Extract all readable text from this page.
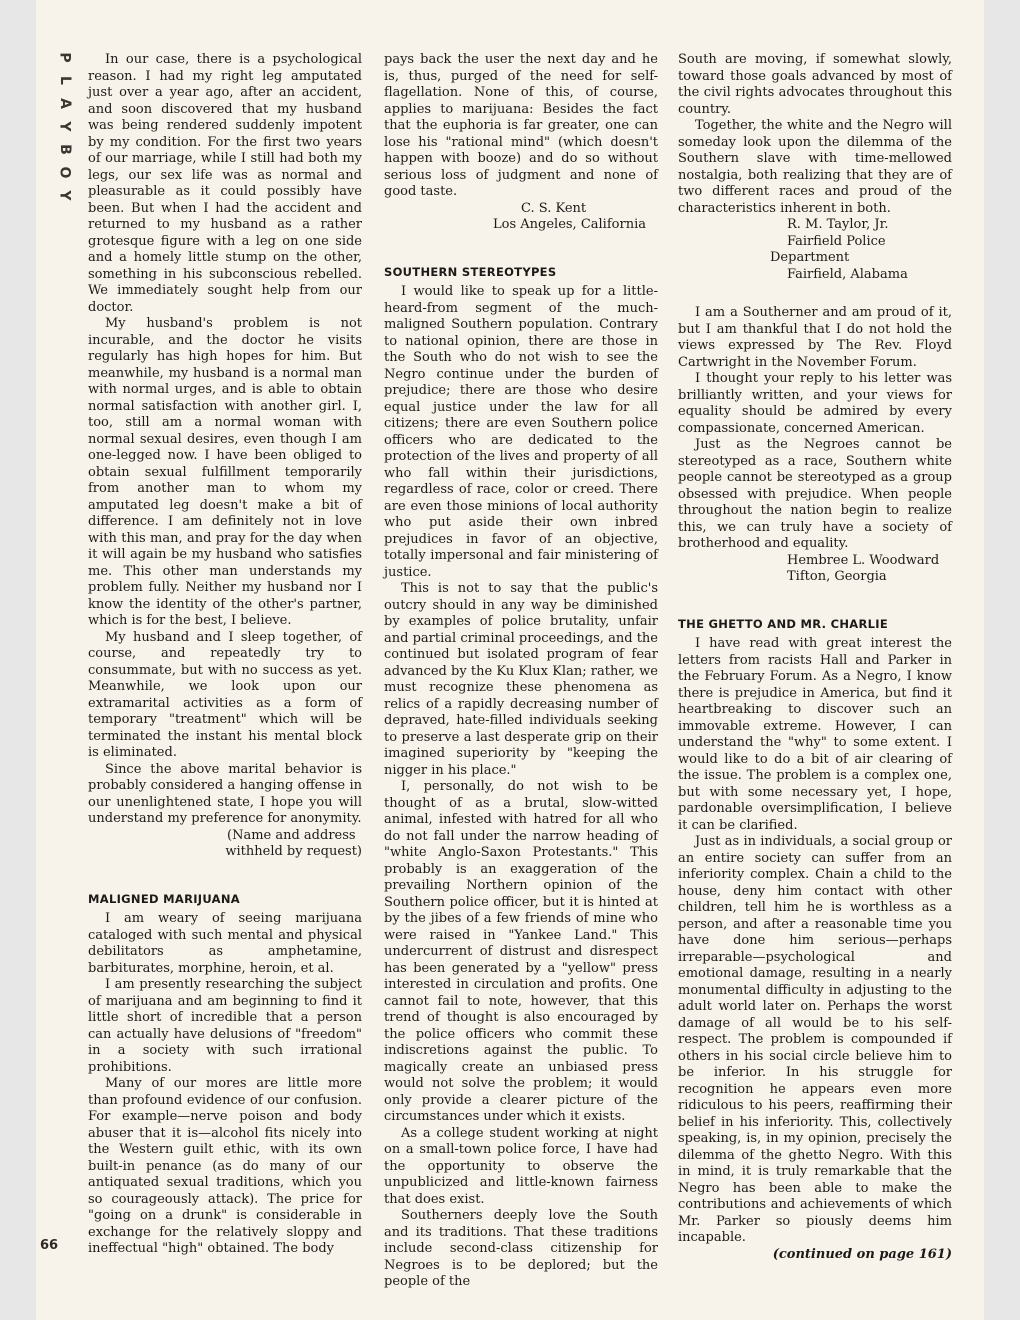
P
L
A
Y
B
O
Y
66

In our case, there is a psychological reason. I had my right leg amputated just over a year ago, after an accident, and soon discovered that my husband was being rendered suddenly impotent by my condition. For the first two years of our marriage, while I still had both my legs, our sex life was as normal and pleasurable as it could possibly have been. But when I had the accident and returned to my husband as a rather grotesque figure with a leg on one side and a homely little stump on the other, something in his subconscious rebelled. We immediately sought help from our doctor.

My husband's problem is not incurable, and the doctor he visits regularly has high hopes for him. But meanwhile, my husband is a normal man with normal urges, and is able to obtain normal satisfaction with another girl. I, too, still am a normal woman with normal sexual desires, even though I am one-legged now. I have been obliged to obtain sexual fulfillment temporarily from another man to whom my amputated leg doesn't make a bit of difference. I am definitely not in love with this man, and pray for the day when it will again be my husband who satisfies me. This other man understands my problem fully. Neither my husband nor I know the identity of the other's partner, which is for the best, I believe.

My husband and I sleep together, of course, and repeatedly try to consummate, but with no success as yet. Meanwhile, we look upon our extramarital activities as a form of temporary "treatment" which will be terminated the instant his mental block is eliminated.

Since the above marital behavior is probably considered a hanging offense in our unenlightened state, I hope you will understand my preference for anonymity.

(Name and address

withheld by request)

MALIGNED MARIJUANA

I am weary of seeing marijuana cataloged with such mental and physical debilitators as amphetamine, barbiturates, morphine, heroin, et al.

I am presently researching the subject of marijuana and am beginning to find it little short of incredible that a person can actually have delusions of "freedom" in a society with such irrational prohibitions.

Many of our mores are little more than profound evidence of our confusion. For example—nerve poison and body abuser that it is—alcohol fits nicely into the Western guilt ethic, with its own built-in penance (as do many of our antiquated sexual traditions, which you so courageously attack). The price for "going on a drunk" is considerable in exchange for the relatively sloppy and ineffectual "high" obtained. The body

pays back the user the next day and he is, thus, purged of the need for self-flagellation. None of this, of course, applies to marijuana: Besides the fact that the euphoria is far greater, one can lose his "rational mind" (which doesn't happen with booze) and do so without serious loss of judgment and none of good taste.

C. S. Kent

Los Angeles, California

SOUTHERN STEREOTYPES

I would like to speak up for a little-heard-from segment of the much-maligned Southern population. Contrary to national opinion, there are those in the South who do not wish to see the Negro continue under the burden of prejudice; there are those who desire equal justice under the law for all citizens; there are even Southern police officers who are dedicated to the protection of the lives and property of all who fall within their jurisdictions, regardless of race, color or creed. There are even those minions of local authority who put aside their own inbred prejudices in favor of an objective, totally impersonal and fair ministering of justice.

This is not to say that the public's outcry should in any way be diminished by examples of police brutality, unfair and partial criminal proceedings, and the continued but isolated program of fear advanced by the Ku Klux Klan; rather, we must recognize these phenomena as relics of a rapidly decreasing number of depraved, hate-filled individuals seeking to preserve a last desperate grip on their imagined superiority by "keeping the nigger in his place."

I, personally, do not wish to be thought of as a brutal, slow-witted animal, infested with hatred for all who do not fall under the narrow heading of "white Anglo-Saxon Protestants." This probably is an exaggeration of the prevailing Northern opinion of the Southern police officer, but it is hinted at by the jibes of a few friends of mine who were raised in "Yankee Land." This undercurrent of distrust and disrespect has been generated by a "yellow" press interested in circulation and profits. One cannot fail to note, however, that this trend of thought is also encouraged by the police officers who commit these indiscretions against the public. To magically create an unbiased press would not solve the problem; it would only provide a clearer picture of the circumstances under which it exists.

As a college student working at night on a small-town police force, I have had the opportunity to observe the unpublicized and little-known fairness that does exist.

Southerners deeply love the South and its traditions. That these traditions include second-class citizenship for Negroes is to be deplored; but the people of the

South are moving, if somewhat slowly, toward those goals advanced by most of the civil rights advocates throughout this country.

Together, the white and the Negro will someday look upon the dilemma of the Southern slave with time-mellowed nostalgia, both realizing that they are of two different races and proud of the characteristics inherent in both.

R. M. Taylor, Jr.

Fairfield Police Department

Fairfield, Alabama

I am a Southerner and am proud of it, but I am thankful that I do not hold the views expressed by The Rev. Floyd Cartwright in the November Forum.

I thought your reply to his letter was brilliantly written, and your views for equality should be admired by every compassionate, concerned American.

Just as the Negroes cannot be stereotyped as a race, Southern white people cannot be stereotyped as a group obsessed with prejudice. When people throughout the nation begin to realize this, we can truly have a society of brotherhood and equality.

Hembree L. Woodward

Tifton, Georgia

THE GHETTO AND MR. CHARLIE

I have read with great interest the letters from racists Hall and Parker in the February Forum. As a Negro, I know there is prejudice in America, but find it heartbreaking to discover such an immovable extreme. However, I can understand the "why" to some extent. I would like to do a bit of air clearing of the issue. The problem is a complex one, but with some necessary yet, I hope, pardonable oversimplification, I believe it can be clarified.

Just as in individuals, a social group or an entire society can suffer from an inferiority complex. Chain a child to the house, deny him contact with other children, tell him he is worthless as a person, and after a reasonable time you have done him serious—perhaps irreparable—psychological and emotional damage, resulting in a nearly monumental difficulty in adjusting to the adult world later on. Perhaps the worst damage of all would be to his self-respect. The problem is compounded if others in his social circle believe him to be inferior. In his struggle for recognition he appears even more ridiculous to his peers, reaffirming their belief in his inferiority. This, collectively speaking, is, in my opinion, precisely the dilemma of the ghetto Negro. With this in mind, it is truly remarkable that the Negro has been able to make the contributions and achievements of which Mr. Parker so piously deems him incapable.

(continued on page 161)
